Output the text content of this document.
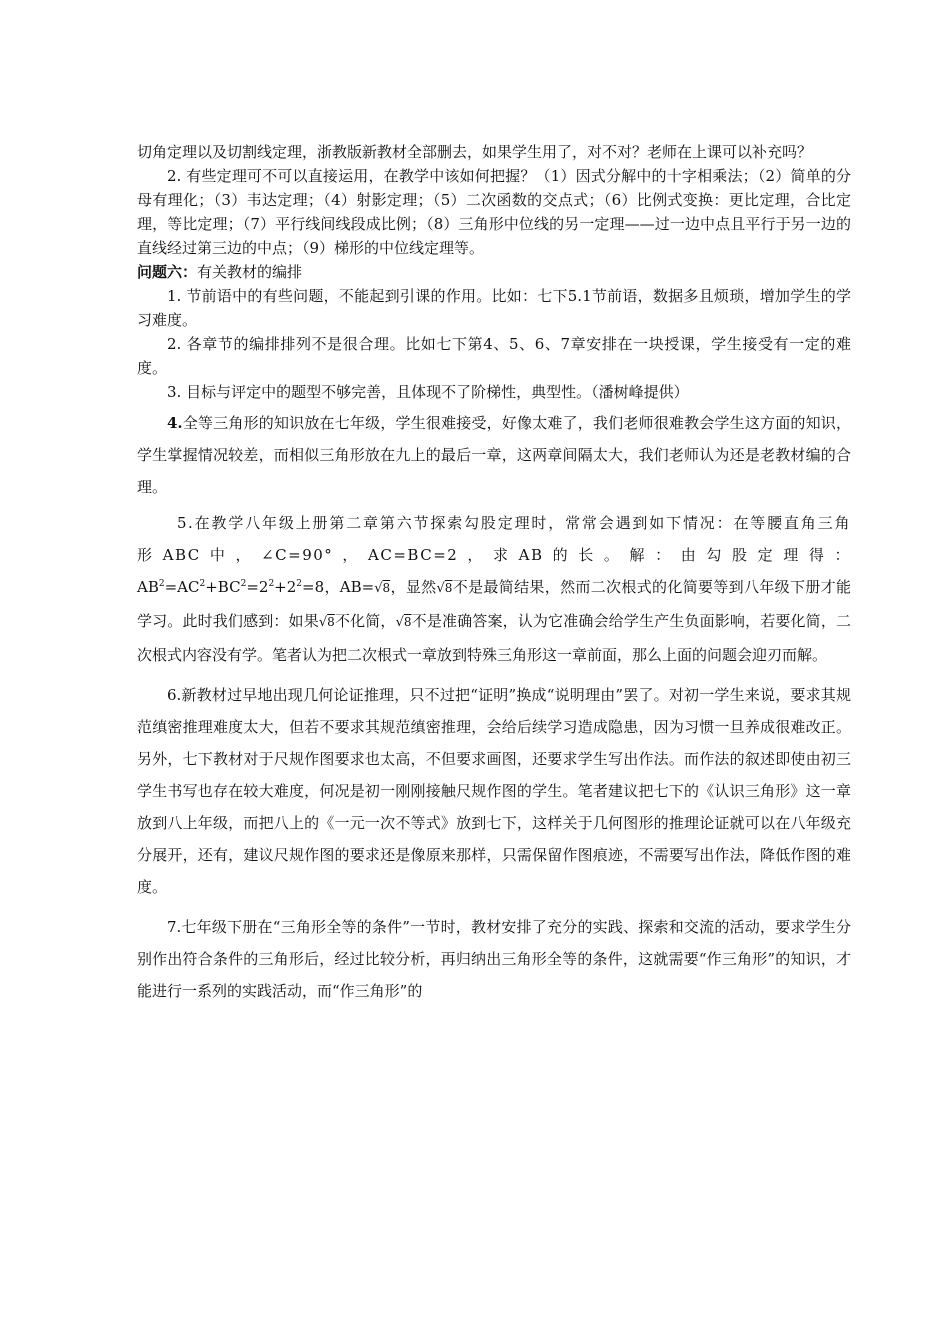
切角定理以及切割线定理，浙教版新教材全部删去，如果学生用了，对不对？老师在上课可以补充吗？

2. 有些定理可不可以直接运用，在教学中该如何把握？（1）因式分解中的十字相乘法；（2）简单的分母有理化；（3）韦达定理；（4）射影定理；（5）二次函数的交点式；（6）比例式变换：更比定理，合比定理，等比定理；（7）平行线间线段成比例；（8）三角形中位线的另一定理——过一边中点且平行于另一边的直线经过第三边的中点；（9）梯形的中位线定理等。

问题六：有关教材的编排

1. 节前语中的有些问题，不能起到引课的作用。比如：七下5.1节前语，数据多且烦琐，增加学生的学习难度。

2. 各章节的编排排列不是很合理。比如七下第4、5、6、7章安排在一块授课，学生接受有一定的难度。

3. 目标与评定中的题型不够完善，且体现不了阶梯性，典型性。（潘树峰提供）

4.全等三角形的知识放在七年级，学生很难接受，好像太难了，我们老师很难教会学生这方面的知识，学生掌握情况较差，而相似三角形放在九上的最后一章，这两章间隔太大，我们老师认为还是老教材编的合理。

5.在教学八年级上册第二章第六节探索勾股定理时，常常会遇到如下情况：在等腰直角三角形ABC中，∠C=90°，AC=BC=2，求AB的长。解：由勾股定理得：$AB^2=AC^2+BC^2=2^2+2^2=8$，AB=√8，显然√8不是最简结果，然而二次根式的化简要等到八年级下册才能学习。此时我们感到：如果√8不化简，√8不是准确答案，认为它准确会给学生产生负面影响，若要化简，二次根式内容没有学。笔者认为把二次根式一章放到特殊三角形这一章前面，那么上面的问题会迎刃而解。

6.新教材过早地出现几何论证推理，只不过把“证明”换成“说明理由”罢了。对初一学生来说，要求其规范缜密推理难度太大，但若不要求其规范缜密推理，会给后续学习造成隐患，因为习惯一旦养成很难改正。另外，七下教材对于尺规作图要求也太高，不但要求画图，还要求学生写出作法。而作法的叙述即使由初三学生书写也存在较大难度，何况是初一刚刚接触尺规作图的学生。笔者建议把七下的《认识三角形》这一章放到八上年级，而把八上的《一元一次不等式》放到七下，这样关于几何图形的推理论证就可以在八年级充分展开，还有，建议尺规作图的要求还是像原来那样，只需保留作图痕迹，不需要写出作法，降低作图的难度。

7.七年级下册在“三角形全等的条件”一节时，教材安排了充分的实践、探索和交流的活动，要求学生分别作出符合条件的三角形后，经过比较分析，再归纳出三角形全等的条件，这就需要“作三角形”的知识，才能进行一系列的实践活动，而“作三角形”的
